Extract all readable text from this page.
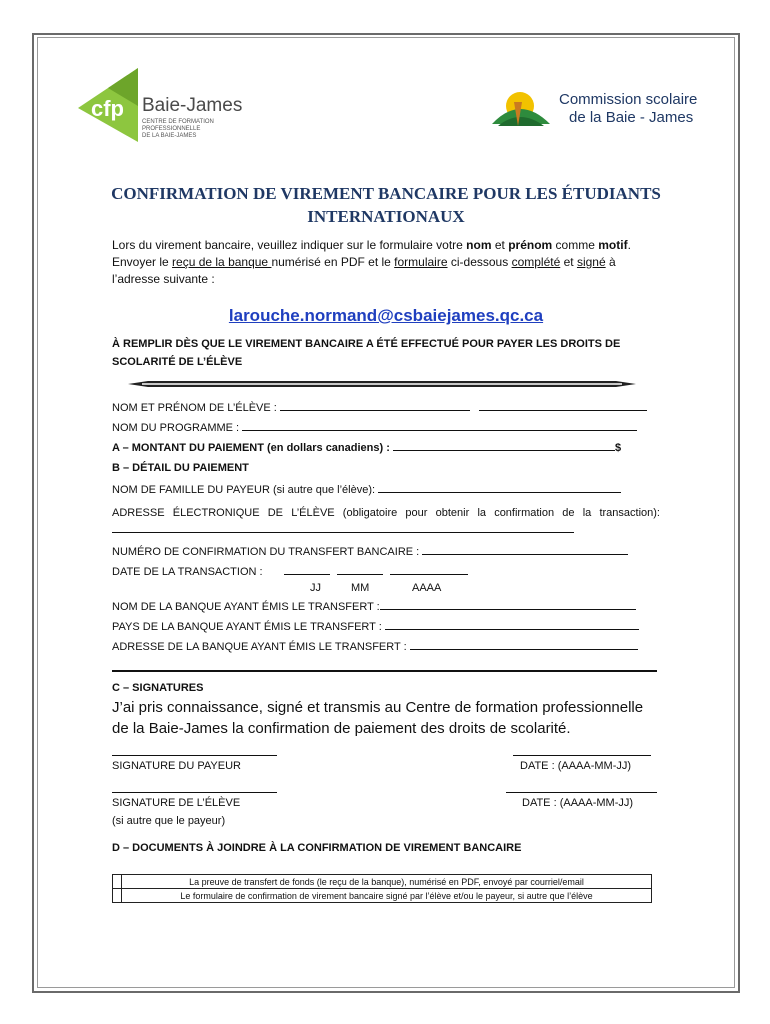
cfp Baie-James
CENTRE DE FORMATION
PROFESSIONNELLE
DE LA BAIE-JAMES
Commission scolaire
de la Baie - James
CONFIRMATION DE VIREMENT BANCAIRE POUR LES ÉTUDIANTS
INTERNATIONAUX
Lors du virement bancaire, veuillez indiquer sur le formulaire votre nom et prénom comme motif.
Envoyer le reçu de la banque numérisé en PDF et le formulaire ci-dessous complété et signé à
l’adresse suivante :
larouche.normand@csbaiejames.qc.ca
À REMPLIR DÈS QUE LE VIREMENT BANCAIRE A ÉTÉ EFFECTUÉ POUR PAYER LES DROITS DE SCOLARITÉ DE L’ÉLÈVE
NOM ET PRÉNOM DE L’ÉLÈVE :
NOM DU PROGRAMME :
A – MONTANT DU PAIEMENT (en dollars canadiens) :	$
B – DÉTAIL DU PAIEMENT
NOM DE FAMILLE DU PAYEUR (si autre que l’élève):
ADRESSE ÉLECTRONIQUE DE L’ÉLÈVE (obligatoire pour obtenir la confirmation de la transaction):
NUMÉRO DE CONFIRMATION DU TRANSFERT BANCAIRE :
DATE DE LA TRANSACTION :
JJ	MM	AAAA
NOM DE LA BANQUE AYANT ÉMIS LE TRANSFERT :
PAYS DE LA BANQUE AYANT ÉMIS LE TRANSFERT :
ADRESSE DE LA BANQUE AYANT ÉMIS LE TRANSFERT :
C – SIGNATURES
J’ai pris connaissance, signé et transmis au Centre de formation professionnelle de la Baie-James la confirmation de paiement des droits de scolarité.
SIGNATURE DU PAYEUR	DATE : (AAAA-MM-JJ)
SIGNATURE DE L’ÉLÈVE	DATE : (AAAA-MM-JJ)
(si autre que le payeur)
D – DOCUMENTS À JOINDRE À LA CONFIRMATION DE VIREMENT BANCAIRE
	La preuve de transfert de fonds (le reçu de la banque), numérisé en PDF, envoyé par courriel/email
	Le formulaire de confirmation de virement bancaire signé par l’élève et/ou le payeur, si autre que l’élève
